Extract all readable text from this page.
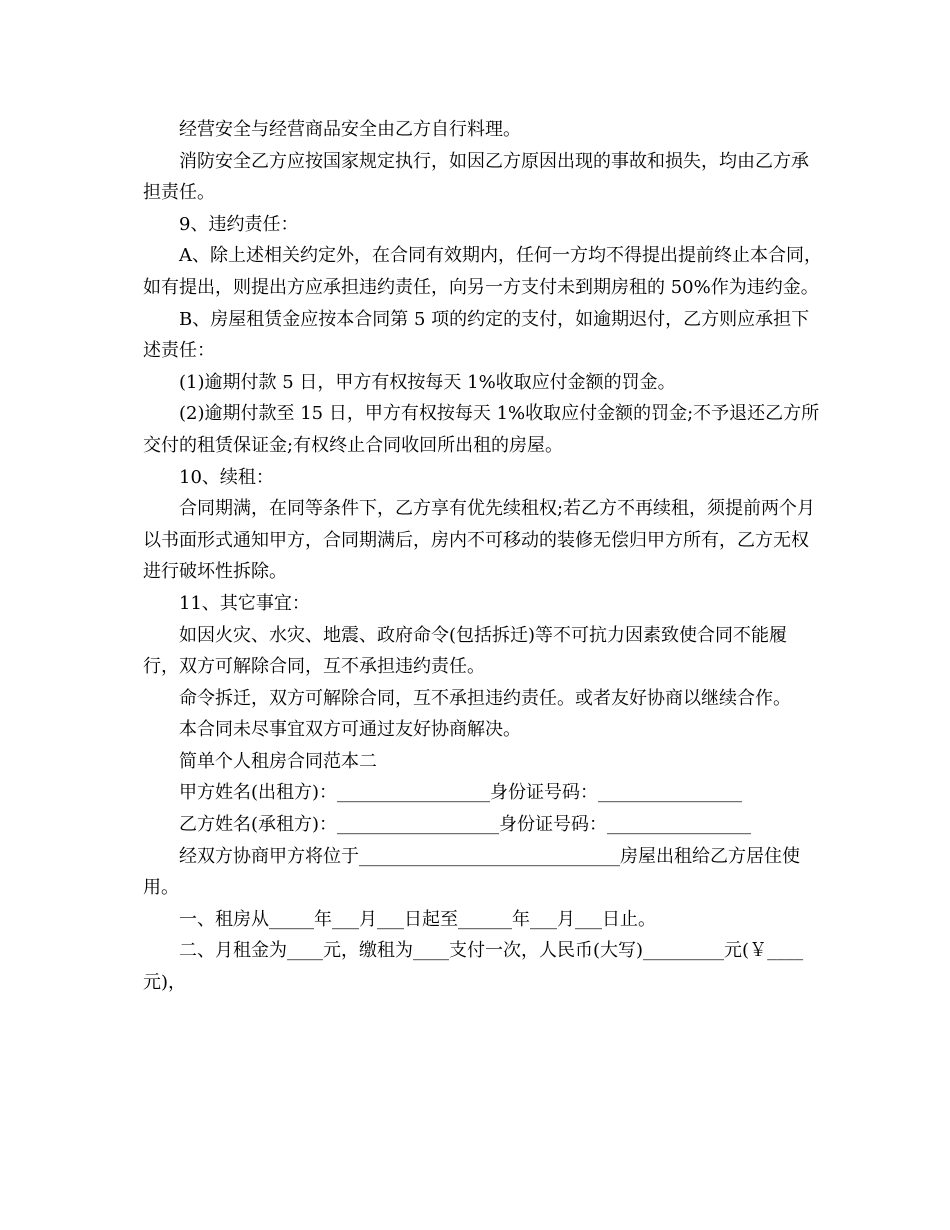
经营安全与经营商品安全由乙方自行料理。

消防安全乙方应按国家规定执行，如因乙方原因出现的事故和损失，均由乙方承担责任。

9、违约责任：

A、除上述相关约定外，在合同有效期内，任何一方均不得提出提前终止本合同，如有提出，则提出方应承担违约责任，向另一方支付未到期房租的 50%作为违约金。

B、房屋租赁金应按本合同第 5 项的约定的支付，如逾期迟付，乙方则应承担下述责任：

(1)逾期付款 5 日，甲方有权按每天 1%收取应付金额的罚金。

(2)逾期付款至 15 日，甲方有权按每天 1%收取应付金额的罚金;不予退还乙方所交付的租赁保证金;有权终止合同收回所出租的房屋。

10、续租：

合同期满，在同等条件下，乙方享有优先续租权;若乙方不再续租，须提前两个月以书面形式通知甲方，合同期满后，房内不可移动的装修无偿归甲方所有，乙方无权进行破坏性拆除。

11、其它事宜：

如因火灾、水灾、地震、政府命令(包括拆迁)等不可抗力因素致使合同不能履行，双方可解除合同，互不承担违约责任。

命令拆迁，双方可解除合同，互不承担违约责任。或者友好协商以继续合作。

本合同未尽事宜双方可通过友好协商解决。

简单个人租房合同范本二

甲方姓名(出租方)：_________________身份证号码：________________

乙方姓名(承租方)：__________________身份证号码：________________

经双方协商甲方将位于_____________________________房屋出租给乙方居住使用。

一、租房从_____年___月___日起至______年___月___日止。

二、月租金为____元，缴租为____支付一次，人民币(大写)_________元(￥____元)，
